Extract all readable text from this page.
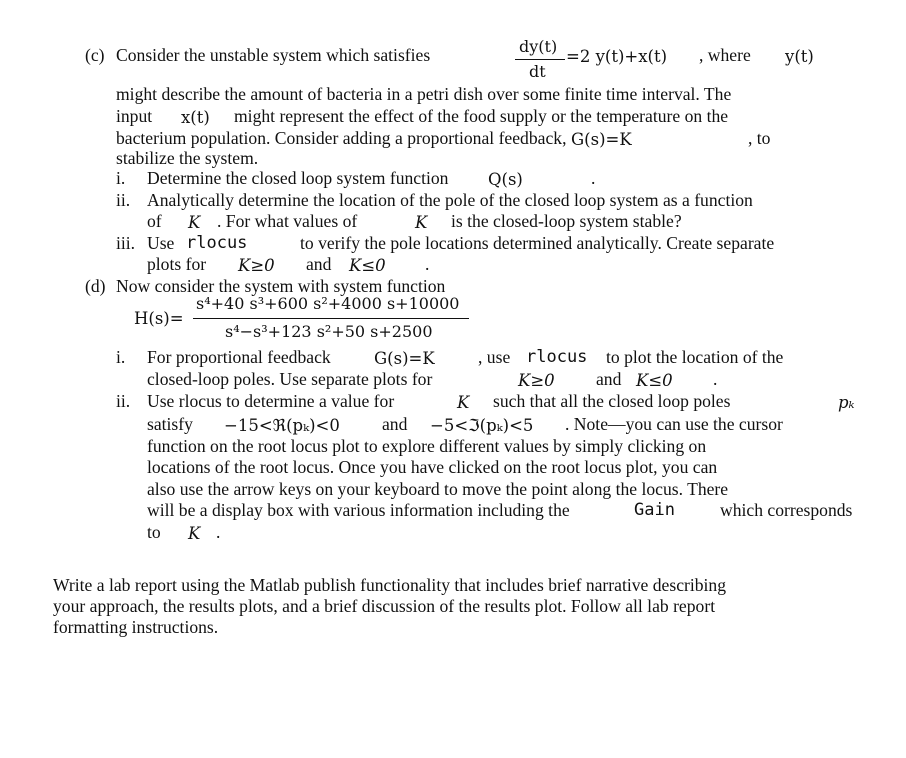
(c) Consider the unstable system which satisfies	dy(t)
dt
=2 y(t)+x(t) , where y(t)
might describe the amount of bacteria in a petri dish over some finite time interval. The
input x(t) might represent the effect of the food supply or the temperature on the
bacterium population. Consider adding a proportional feedback, G(s)=K	, to
stabilize the system.
i. Determine the closed loop system function Q(s)	.
ii. Analytically determine the location of the pole of the closed loop system as a function
of K . For what values of	K is the closed-loop system stable?
iii. Use rlocus	to verify the pole locations determined analytically. Create separate
plots for K≥0 and K≤0 .
(d) Now consider the system with system function
H(s)=
s⁴+40 s³+600 s²+4000 s+10000
s⁴−s³+123 s²+50 s+2500
i. For proportional feedback	G(s)=K , use rlocus to plot the location of the
closed-loop poles. Use separate plots for	K≥0 and K≤0 .
ii. Use rlocus to determine a value for	K such that all the closed loop poles	pₖ
satisfy −15<ℜ(pₖ)<0 and −5<ℑ(pₖ)<5 . Note—you can use the cursor
function on the root locus plot to explore different values by simply clicking on
locations of the root locus. Once you have clicked on the root locus plot, you can
also use the arrow keys on your keyboard to move the point along the locus. There
will be a display box with various information including the	Gain	which corresponds
to K .
Write a lab report using the Matlab publish functionality that includes brief narrative describing
your approach, the results plots, and a brief discussion of the results plot. Follow all lab report
formatting instructions.
